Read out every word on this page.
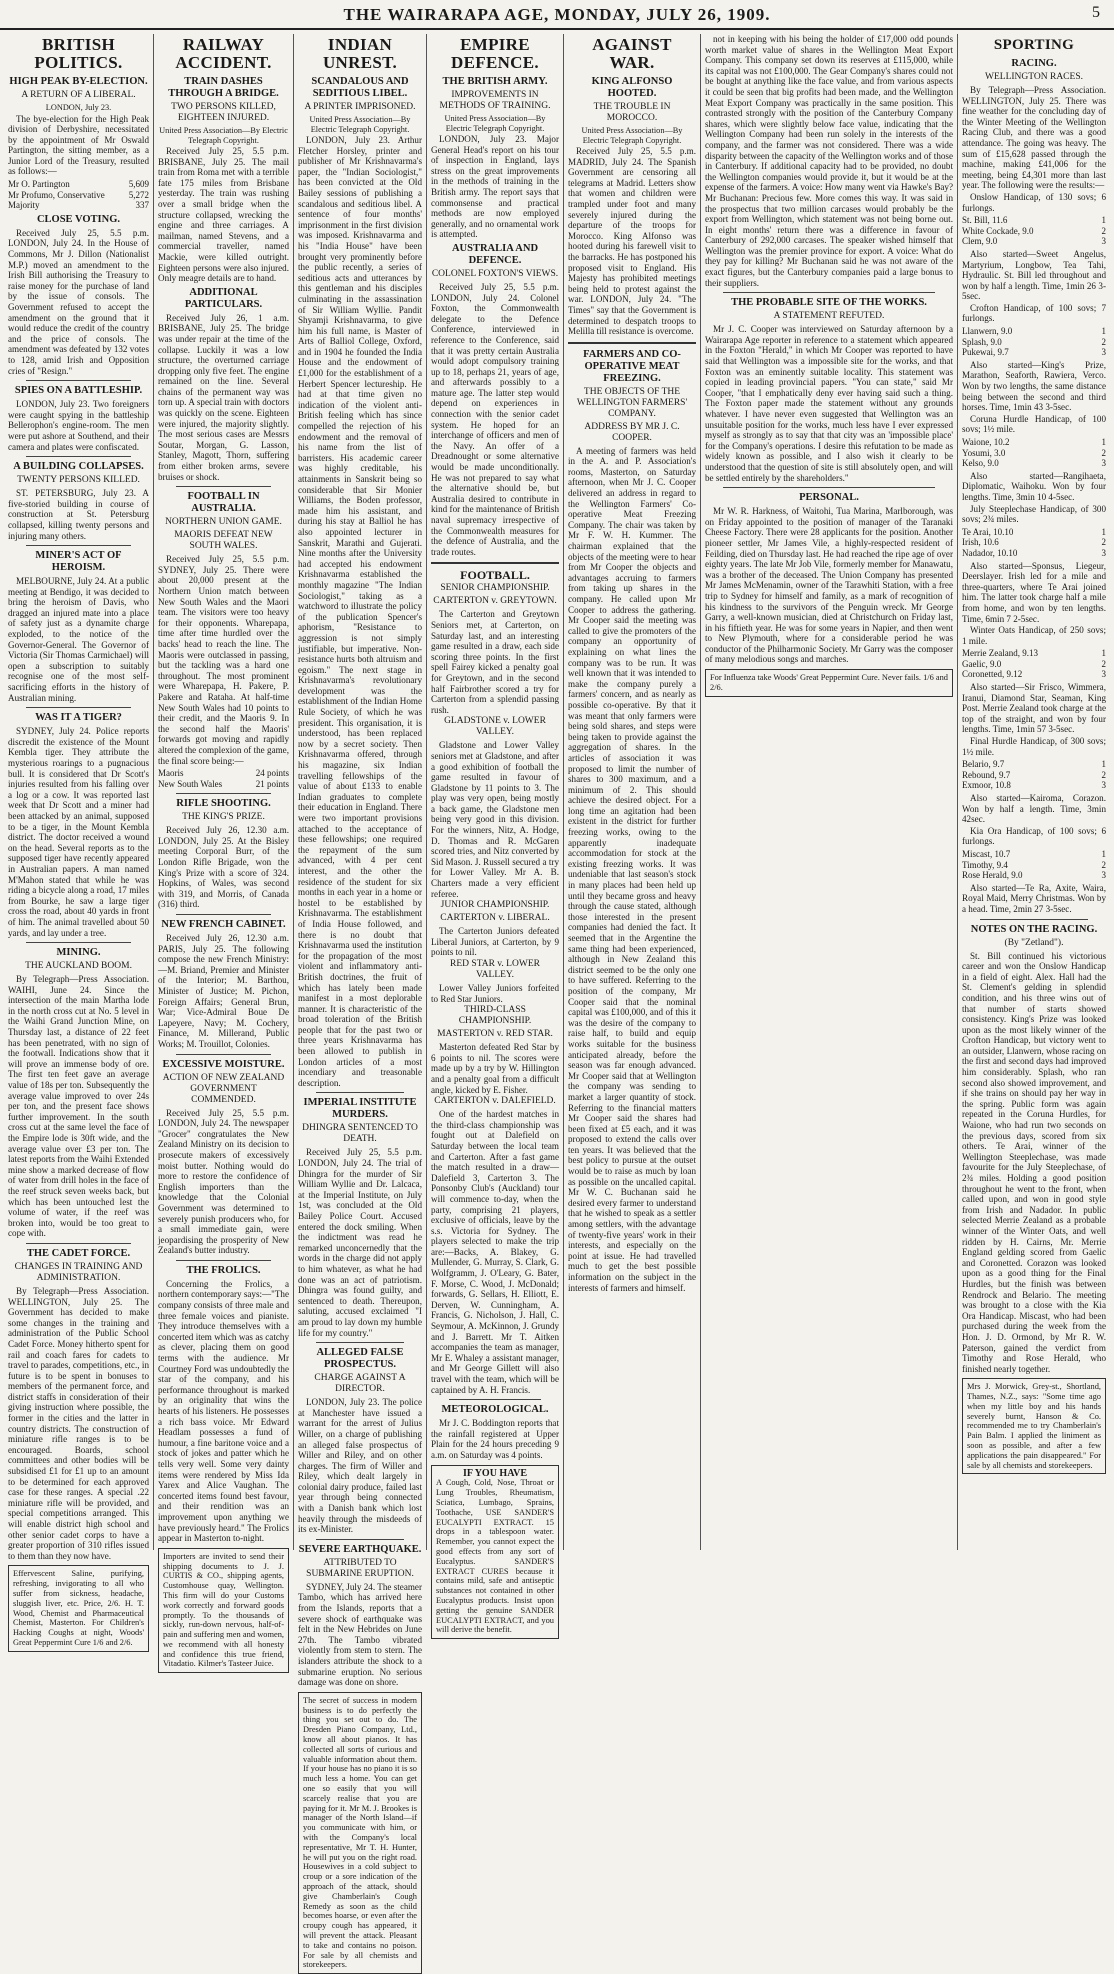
THE WAIRARAPA AGE, MONDAY, JULY 26, 1909.	5
BRITISH POLITICS.
HIGH PEAK BY-ELECTION.
A RETURN OF A LIBERAL.
LONDON, July 23.

The bye-election for the High Peak division of Derbyshire, necessitated by the appointment of Mr Oswald Partington, the sitting member, as a Junior Lord of the Treasury, resulted as follows:—

Mr O. Partington	5,609
Mr Profumo, Conservative	5,272
Majority	337
CLOSE VOTING.

Received July 25, 5.5 p.m. LONDON, July 24. In the House of Commons, Mr J. Dillon (Nationalist M.P.) moved an amendment to the Irish Bill authorising the Treasury to raise money for the purchase of land by the issue of consols. The Government refused to accept the amendment on the ground that it would reduce the credit of the country and the price of consols. The amendment was defeated by 132 votes to 128, amid Irish and Opposition cries of "Resign."

SPIES ON A BATTLESHIP.

LONDON, July 23. Two foreigners were caught spying in the battleship Bellerophon's engine-room. The men were put ashore at Southend, and their camera and plates were confiscated.

A BUILDING COLLAPSES.
TWENTY PERSONS KILLED.

ST. PETERSBURG, July 23. A five-storied building in course of construction at St. Petersburg collapsed, killing twenty persons and injuring many others.

MINER'S ACT OF HEROISM.

MELBOURNE, July 24. At a public meeting at Bendigo, it was decided to bring the heroism of Davis, who dragged an injured mate into a place of safety just as a dynamite charge exploded, to the notice of the Governor-General. The Governor of Victoria (Sir Thomas Carmichael) will open a subscription to suitably recognise one of the most self-sacrificing efforts in the history of Australian mining.

WAS IT A TIGER?

SYDNEY, July 24. Police reports discredit the existence of the Mount Kembla tiger. They attribute the mysterious roarings to a pugnacious bull. It is considered that Dr Scott's injuries resulted from his falling over a log or a cow. It was reported last week that Dr Scott and a miner had been attacked by an animal, supposed to be a tiger, in the Mount Kembla district. The doctor received a wound on the head. Several reports as to the supposed tiger have recently appeared in Australian papers. A man named M'Mahon stated that while he was riding a bicycle along a road, 17 miles from Bourke, he saw a large tiger cross the road, about 40 yards in front of him. The animal travelled about 50 yards, and lay under a tree.

MINING.
THE AUCKLAND BOOM.

By Telegraph—Press Association. WAIHI, June 24. Since the intersection of the main Martha lode in the north cross cut at No. 5 level in the Waihi Grand Junction Mine, on Thursday last, a distance of 22 feet has been penetrated, with no sign of the footwall. Indications show that it will prove an immense body of ore. The first ten feet gave an average value of 18s per ton. Subsequently the average value improved to over 24s per ton, and the present face shows further improvement. In the south cross cut at the same level the face of the Empire lode is 30ft wide, and the average value over £3 per ton. The latest reports from the Waihi Extended mine show a marked decrease of flow of water from drill holes in the face of the reef struck seven weeks back, but which has been untouched lest the volume of water, if the reef was broken into, would be too great to cope with.

THE CADET FORCE.
CHANGES IN TRAINING AND ADMINISTRATION.

By Telegraph—Press Association. WELLINGTON, July 25. The Government has decided to make some changes in the training and administration of the Public School Cadet Force. Money hitherto spent for rail and coach fares for cadets to travel to parades, competitions, etc., in future is to be spent in bonuses to members of the permanent force, and district staffs in consideration of their giving instruction where possible, the former in the cities and the latter in country districts. The construction of miniature rifle ranges is to be encouraged. Boards, school committees and other bodies will be subsidised £1 for £1 up to an amount to be determined for each approved case for these ranges. A special .22 miniature rifle will be provided, and special competitions arranged. This will enable district high school and other senior cadet corps to have a greater proportion of 310 rifles issued to them than they now have.

Effervescent Saline, purifying, refreshing, invigorating to all who suffer from sickness, headache, sluggish liver, etc. Price, 2/6. H. T. Wood, Chemist and Pharmaceutical Chemist, Masterton. For Children's Hacking Coughs at night, Woods' Great Peppermint Cure 1/6 and 2/6.
RAILWAY ACCIDENT.
TRAIN DASHES THROUGH A BRIDGE.
TWO PERSONS KILLED, EIGHTEEN INJURED.
United Press Association—By Electric Telegraph Copyright.

Received July 25, 5.5 p.m. BRISBANE, July 25. The mail train from Roma met with a terrible fate 175 miles from Brisbane yesterday. The train was rushing over a small bridge when the structure collapsed, wrecking the engine and three carriages. A mailman, named Stevens, and a commercial traveller, named Mackie, were killed outright. Eighteen persons were also injured. Only meagre details are to hand.

ADDITIONAL PARTICULARS.

Received July 26, 1 a.m. BRISBANE, July 25. The bridge was under repair at the time of the collapse. Luckily it was a low structure, the overturned carriage dropping only five feet. The engine remained on the line. Several chains of the permanent way was torn up. A special train with doctors was quickly on the scene. Eighteen were injured, the majority slightly. The most serious cases are Messrs Soutar, Morgan, G. Lasson, Stanley, Magott, Thorn, suffering from either broken arms, severe bruises or shock.

FOOTBALL IN AUSTRALIA.
NORTHERN UNION GAME.
MAORIS DEFEAT NEW SOUTH WALES.

Received July 25, 5.5 p.m. SYDNEY, July 25. There were about 20,000 present at the Northern Union match between New South Wales and the Maori team. The visitors were too heavy for their opponents. Wharepapa, time after time hurdled over the backs' head to reach the line. The Maoris were outclassed in passing, but the tackling was a hard one throughout. The most prominent were Wharepapa, H. Pakere, P. Pakere and Rataha. At half-time New South Wales had 10 points to their credit, and the Maoris 9. In the second half the Maoris' forwards got moving and rapidly altered the complexion of the game, the final score being:—

Maoris	24 points
New South Wales	21 points
RIFLE SHOOTING.
THE KING'S PRIZE.

Received July 26, 12.30 a.m. LONDON, July 25. At the Bisley meeting Corporal Burr, of the London Rifle Brigade, won the King's Prize with a score of 324. Hopkins, of Wales, was second with 319, and Morris, of Canada (316) third.

NEW FRENCH CABINET.

Received July 26, 12.30 a.m. PARIS, July 25. The following compose the new French Ministry:—M. Briand, Premier and Minister of the Interior; M. Barthou, Minister of Justice; M. Pichon, Foreign Affairs; General Brun, War; Vice-Admiral Boue De Lapeyere, Navy; M. Cochery, Finance, M. Millerand, Public Works; M. Trouillot, Colonies.

EXCESSIVE MOISTURE.
ACTION OF NEW ZEALAND GOVERNMENT COMMENDED.

Received July 25, 5.5 p.m. LONDON, July 24. The newspaper "Grocer" congratulates the New Zealand Ministry on its decision to prosecute makers of excessively moist butter. Nothing would do more to restore the confidence of English importers than the knowledge that the Colonial Government was determined to severely punish producers who, for a small immediate gain, were jeopardising the prosperity of New Zealand's butter industry.

THE FROLICS.

Concerning the Frolics, a northern contemporary says:—"The company consists of three male and three female voices and pianiste. They introduce themselves with a concerted item which was as catchy as clever, placing them on good terms with the audience. Mr Courtney Ford was undoubtedly the star of the company, and his performance throughout is marked by an originality that wins the hearts of his listeners. He possesses a rich bass voice. Mr Edward Headlam possesses a fund of humour, a fine baritone voice and a stock of jokes and patter which he tells very well. Some very dainty items were rendered by Miss Ida Yarex and Alice Vaughan. The concerted items found best favour, and their rendition was an improvement upon anything we have previously heard." The Frolics appear in Masterton to-night.

Importers are invited to send their shipping documents to J. J. CURTIS & CO., shipping agents, Customhouse quay, Wellington. This firm will do your Customs work correctly and forward goods promptly. To the thousands of sickly, run-down nervous, half-of-pain and suffering men and women, we recommend with all honesty and confidence this true friend, Vitadatio. Kilmer's Tasteer Juice.
INDIAN UNREST.
SCANDALOUS AND SEDITIOUS LIBEL.
A PRINTER IMPRISONED.
United Press Association—By Electric Telegraph Copyright.

LONDON, July 23. Arthur Fletcher Horsley, printer and publisher of Mr Krishnavarma's paper, the "Indian Sociologist," has been convicted at the Old Bailey sessions of publishing a scandalous and seditious libel. A sentence of four months' imprisonment in the first division was imposed. Krishnavarma and his "India House" have been brought very prominently before the public recently, a series of seditious acts and utterances by this gentleman and his disciples culminating in the assassination of Sir William Wyllie. Pandit Shyamji Krishnavarma, to give him his full name, is Master of Arts of Balliol College, Oxford, and in 1904 he founded the India House and the endowment of £1,000 for the establishment of a Herbert Spencer lectureship. He had at that time given no indication of the violent anti-British feeling which has since compelled the rejection of his endowment and the removal of his name from the list of barristers. His academic career was highly creditable, his attainments in Sanskrit being so considerable that Sir Monier Williams, the Boden professor, made him his assistant, and during his stay at Balliol he has also appointed lecturer in Sanskrit, Marathi and Gujerati. Nine months after the University had accepted his endowment Krishnavarma established the monthly magazine "The Indian Sociologist," taking as a watchword to illustrate the policy of the publication Spencer's aphorism, "Resistance to aggression is not simply justifiable, but imperative. Non-resistance hurts both altruism and egoism." The next stage in Krishnavarma's revolutionary development was the establishment of the Indian Home Rule Society, of which he was president. This organisation, it is understood, has been replaced now by a secret society. Then Krishnavarma offered, through his magazine, six Indian travelling fellowships of the value of about £133 to enable Indian graduates to complete their education in England. There were two important provisions attached to the acceptance of these fellowships; one required the repayment of the sum advanced, with 4 per cent interest, and the other the residence of the student for six months in each year in a home or hostel to be established by Krishnavarma. The establishment of India House followed, and there is no doubt that Krishnavarma used the institution for the propagation of the most violent and inflammatory anti-British doctrines, the fruit of which has lately been made manifest in a most deplorable manner. It is characteristic of the broad toleration of the British people that for the past two or three years Krishnavarma has been allowed to publish in London articles of a most incendiary and treasonable description.

IMPERIAL INSTITUTE MURDERS.
DHINGRA SENTENCED TO DEATH.

Received July 25, 5.5 p.m. LONDON, July 24. The trial of Dhingra for the murder of Sir William Wyllie and Dr. Lalcaca, at the Imperial Institute, on July 1st, was concluded at the Old Bailey Police Court. Accused entered the dock smiling. When the indictment was read he remarked unconcernedly that the words in the charge did not apply to him whatever, as what he had done was an act of patriotism. Dhingra was found guilty, and sentenced to death. Thereupon, saluting, accused exclaimed "I am proud to lay down my humble life for my country."

ALLEGED FALSE PROSPECTUS.
CHARGE AGAINST A DIRECTOR.

LONDON, July 23. The police at Manchester have issued a warrant for the arrest of Julius Willer, on a charge of publishing an alleged false prospectus of Willer and Riley, and on other charges. The firm of Willer and Riley, which dealt largely in colonial dairy produce, failed last year through being connected with a Danish bank which lost heavily through the misdeeds of its ex-Minister.

SEVERE EARTHQUAKE.
ATTRIBUTED TO SUBMARINE ERUPTION.

SYDNEY, July 24. The steamer Tambo, which has arrived here from the Islands, reports that a severe shock of earthquake was felt in the New Hebrides on June 27th. The Tambo vibrated violently from stem to stern. The islanders attribute the shock to a submarine eruption. No serious damage was done on shore.

The secret of success in modern business is to do perfectly the thing you set out to do. The Dresden Piano Company, Ltd., know all about pianos. It has collected all sorts of curious and valuable information about them. If your house has no piano it is so much less a home. You can get one so easily that you will scarcely realise that you are paying for it. Mr M. J. Brookes is manager of the North Island—if you communicate with him, or with the Company's local representative, Mr T. H. Hunter, he will put you on the right road. Housewives in a cold subject to croup or a sore indication of the approach of the attack, should give Chamberlain's Cough Remedy as soon as the child becomes hoarse, or even after the croupy cough has appeared, it will prevent the attack. Pleasant to take and contains no poison. For sale by all chemists and storekeepers.
EMPIRE DEFENCE.
THE BRITISH ARMY.
IMPROVEMENTS IN METHODS OF TRAINING.
United Press Association—By Electric Telegraph Copyright.

LONDON, July 23. Major General Head's report on his tour of inspection in England, lays stress on the great improvements in the methods of training in the British army. The report says that commonsense and practical methods are now employed generally, and no ornamental work is attempted.

AUSTRALIA AND DEFENCE.
COLONEL FOXTON'S VIEWS.

Received July 25, 5.5 p.m. LONDON, July 24. Colonel Foxton, the Commonwealth delegate to the Defence Conference, interviewed in reference to the Conference, said that it was pretty certain Australia would adopt compulsory training up to 18, perhaps 21, years of age, and afterwards possibly to a mature age. The latter step would depend on experiences in connection with the senior cadet system. He hoped for an interchange of officers and men of the Navy. An offer of a Dreadnought or some alternative would be made unconditionally. He was not prepared to say what the alternative should be, but Australia desired to contribute in kind for the maintenance of British naval supremacy irrespective of the Commonwealth measures for the defence of Australia, and the trade routes.

FOOTBALL.
SENIOR CHAMPIONSHIP.
CARTERTON v. GREYTOWN.

The Carterton and Greytown Seniors met, at Carterton, on Saturday last, and an interesting game resulted in a draw, each side scoring three points. In the first spell Fairey kicked a penalty goal for Greytown, and in the second half Fairbrother scored a try for Carterton from a splendid passing rush.

GLADSTONE v. LOWER VALLEY.

Gladstone and Lower Valley seniors met at Gladstone, and after a good exhibition of football the game resulted in favour of Gladstone by 11 points to 3. The play was very open, being mostly a back game, the Gladstone men being very good in this division. For the winners, Nitz, A. Hodge, D. Thomas and R. McGaren scored tries, and Nitz converted by Sid Mason. J. Russell secured a try for Lower Valley. Mr A. B. Charters made a very efficient referee.

JUNIOR CHAMPIONSHIP.
CARTERTON v. LIBERAL.

The Carterton Juniors defeated Liberal Juniors, at Carterton, by 9 points to nil.

RED STAR v. LOWER VALLEY.

Lower Valley Juniors forfeited to Red Star Juniors.

THIRD-CLASS CHAMPIONSHIP.
MASTERTON v. RED STAR.

Masterton defeated Red Star by 6 points to nil. The scores were made up by a try by W. Hillington and a penalty goal from a difficult angle, kicked by E. Fisher.

CARTERTON v. DALEFIELD.

One of the hardest matches in the third-class championship was fought out at Dalefield on Saturday between the local team and Carterton. After a fast game the match resulted in a draw—Dalefield 3, Carterton 3. The Ponsonby Club's (Auckland) tour will commence to-day, when the party, comprising 21 players, exclusive of officials, leave by the s.s. Victoria for Sydney. The players selected to make the trip are:—Backs, A. Blakey, G. Mullender, G. Murray, S. Clark, G. Wolfgramm, J. O'Leary, G. Bater, F. Morse, C. Wood, J. McDonald; forwards, G. Sellars, H. Elliott, E. Derven, W. Cunningham, A. Francis, G. Nicholson, J. Hall, C. Seymour, A. McKinnon, J. Grundy and J. Barrett. Mr T. Aitken accompanies the team as manager, Mr E. Whaley a assistant manager, and Mr George Gillett will also travel with the team, which will be captained by A. H. Francis.

METEOROLOGICAL.

Mr J. C. Boddington reports that the rainfall registered at Upper Plain for the 24 hours preceding 9 a.m. on Saturday was 4 points.

IF YOU HAVE
A Cough, Cold, Nose, Throat or Lung Troubles, Rheumatism, Sciatica, Lumbago, Sprains, Toothache, USE SANDER'S EUCALYPTI EXTRACT. 15 drops in a tablespoon water. Remember, you cannot expect the good effects from any sort of Eucalyptus. SANDER'S EXTRACT CURES because it contains mild, safe and antiseptic substances not contained in other Eucalyptus products. Insist upon getting the genuine SANDER EUCALYPTI EXTRACT, and you will derive the benefit.
AGAINST WAR.
KING ALFONSO HOOTED.
THE TROUBLE IN MOROCCO.
United Press Association—By Electric Telegraph Copyright.

Received July 25, 5.5 p.m. MADRID, July 24. The Spanish Government are censoring all telegrams at Madrid. Letters show that women and children were trampled under foot and many severely injured during the departure of the troops for Morocco. King Alfonso was hooted during his farewell visit to the barracks. He has postponed his proposed visit to England. His Majesty has prohibited meetings being held to protest against the war. LONDON, July 24. "The Times" say that the Government is determined to despatch troops to Melilla till resistance is overcome.

FARMERS AND CO-OPERATIVE MEAT FREEZING.
THE OBJECTS OF THE WELLINGTON FARMERS' COMPANY.
ADDRESS BY MR J. C. COOPER.

A meeting of farmers was held in the A. and P. Association's rooms, Masterton, on Saturday afternoon, when Mr J. C. Cooper delivered an address in regard to the Wellington Farmers' Co-operative Meat Freezing Company. The chair was taken by Mr F. W. H. Kummer. The chairman explained that the objects of the meeting were to hear from Mr Cooper the objects and advantages accruing to farmers from taking up shares in the company. He called upon Mr Cooper to address the gathering. Mr Cooper said the meeting was called to give the promoters of the company an opportunity of explaining on what lines the company was to be run. It was well known that it was intended to make the company purely a farmers' concern, and as nearly as possible co-operative. By that it was meant that only farmers were being sold shares, and steps were being taken to provide against the aggregation of shares. In the articles of association it was proposed to limit the number of shares to 300 maximum, and a minimum of 2. This should achieve the desired object. For a long time an agitation had been existent in the district for further freezing works, owing to the apparently inadequate accommodation for stock at the existing freezing works. It was undeniable that last season's stock in many places had been held up until they became gross and heavy through the cause stated, although those interested in the present companies had denied the fact. It seemed that in the Argentine the same thing had been experienced, although in New Zealand this district seemed to be the only one to have suffered. Referring to the position of the company, Mr Cooper said that the nominal capital was £100,000, and of this it was the desire of the company to raise half, to build and equip works suitable for the business anticipated already, before the season was far enough advanced. Mr Cooper said that at Wellington the company was sending to market a larger quantity of stock. Referring to the financial matters Mr Cooper said the shares had been fixed at £5 each, and it was proposed to extend the calls over ten years. It was believed that the best policy to pursue at the outset would be to raise as much by loan as possible on the uncalled capital. Mr W. C. Buchanan said he desired every farmer to understand that he wished to speak as a settler among settlers, with the advantage of twenty-five years' work in their interests, and especially on the point at issue. He had travelled much to get the best possible information on the subject in the interests of farmers and himself.

not in keeping with his being the holder of £17,000 odd pounds worth market value of shares in the Wellington Meat Export Company. This company set down its reserves at £115,000, while its capital was not £100,000. The Gear Company's shares could not be bought at anything like the face value, and from various aspects it could be seen that big profits had been made, and the Wellington Meat Export Company was practically in the same position. This contrasted strongly with the position of the Canterbury Company shares, which were slightly below face value, indicating that the Wellington Company had been run solely in the interests of the company, and the farmer was not considered. There was a wide disparity between the capacity of the Wellington works and of those in Canterbury. If additional capacity had to be provided, no doubt the Wellington companies would provide it, but it would be at the expense of the farmers. A voice: How many went via Hawke's Bay? Mr Buchanan: Precious few. More comes this way. It was said in the prospectus that two million carcases would probably be the export from Wellington, which statement was not being borne out. In eight months' return there was a difference in favour of Canterbury of 292,000 carcases. The speaker wished himself that Wellington was the premier province for export. A voice: What do they pay for killing? Mr Buchanan said he was not aware of the exact figures, but the Canterbury companies paid a large bonus to their suppliers.

THE PROBABLE SITE OF THE WORKS.
A STATEMENT REFUTED.

Mr J. C. Cooper was interviewed on Saturday afternoon by a Wairarapa Age reporter in reference to a statement which appeared in the Foxton "Herald," in which Mr Cooper was reported to have said that Wellington was a impossible site for the works, and that Foxton was an eminently suitable locality. This statement was copied in leading provincial papers. "You can state," said Mr Cooper, "that I emphatically deny ever having said such a thing. The Foxton paper made the statement without any grounds whatever. I have never even suggested that Wellington was an unsuitable position for the works, much less have I ever expressed myself as strongly as to say that that city was an 'impossible place' for the Company's operations. I desire this refutation to be made as widely known as possible, and I also wish it clearly to be understood that the question of site is still absolutely open, and will be settled entirely by the shareholders."

PERSONAL.

Mr W. R. Harkness, of Waitohi, Tua Marina, Marlborough, was on Friday appointed to the position of manager of the Taranaki Cheese Factory. There were 28 applicants for the position. Another pioneer settler, Mr James Vile, a highly-respected resident of Feilding, died on Thursday last. He had reached the ripe age of over eighty years. The late Mr Job Vile, formerly member for Manawatu, was a brother of the deceased. The Union Company has presented Mr James McMenamin, owner of the Tarawhiti Station, with a free trip to Sydney for himself and family, as a mark of recognition of his kindness to the survivors of the Penguin wreck. Mr George Garry, a well-known musician, died at Christchurch on Friday last, in his fiftieth year. He was for some years in Napier, and then went to New Plymouth, where for a considerable period he was conductor of the Philharmonic Society. Mr Garry was the composer of many melodious songs and marches.

For Influenza take Woods' Great Peppermint Cure. Never fails. 1/6 and 2/6.
SPORTING
RACING.
WELLINGTON RACES.

By Telegraph—Press Association. WELLINGTON, July 25. There was fine weather for the concluding day of the Winter Meeting of the Wellington Racing Club, and there was a good attendance. The going was heavy. The sum of £15,628 passed through the machine, making £41,006 for the meeting, being £4,301 more than last year. The following were the results:—

Onslow Handicap, of 130 sovs; 6 furlongs.

St. Bill, 11.6	1
White Cockade, 9.0	2
Clem, 9.0	3

Also started—Sweet Angelus, Martyrium, Longbow, Tea Tahi, Hydraulic. St. Bill led throughout and won by half a length. Time, 1min 26 3-5sec.

Crofton Handicap, of 100 sovs; 7 furlongs.

Llanwern, 9.0	1
Splash, 9.0	2
Pukewai, 9.7	3

Also started—King's Prize, Marathon, Seaforth, Rawiera, Verco. Won by two lengths, the same distance being between the second and third horses. Time, 1min 43 3-5sec.

Coruna Hurdle Handicap, of 100 sovs; 1½ mile.

Waione, 10.2	1
Yosumi, 3.0	2
Kelso, 9.0	3

Also started—Rangihaeta, Diplomatic, Waihoku. Won by four lengths. Time, 3min 10 4-5sec.

July Steeplechase Handicap, of 300 sovs; 2¾ miles.

Te Arai, 10.10	1
Irish, 10.6	2
Nadador, 10.10	3

Also started—Sponsus, Liegeur, Deerslayer. Irish led for a mile and three-quarters, where Te Arai joined him. The latter took charge half a mile from home, and won by ten lengths. Time, 6min 7 2-5sec.

Winter Oats Handicap, of 250 sovs; 1 mile.

Merrie Zealand, 9.13	1
Gaelic, 9.0	2
Coronetted, 9.12	3

Also started—Sir Frisco, Wimmera, Iranui, Diamond Star, Seaman, King Post. Merrie Zealand took charge at the top of the straight, and won by four lengths. Time, 1min 57 3-5sec.

Final Hurdle Handicap, of 300 sovs; 1½ mile.

Belario, 9.7	1
Rebound, 9.7	2
Exmoor, 10.8	3

Also started—Kairoma, Corazon. Won by half a length. Time, 3min 42sec.

Kia Ora Handicap, of 100 sovs; 6 furlongs.

Miscast, 10.7	1
Timothy, 9.4	2
Rose Herald, 9.0	3

Also started—Te Ra, Axite, Waira, Royal Maid, Merry Christmas. Won by a head. Time, 2min 27 3-5sec.

NOTES ON THE RACING.
(By "Zetland").

St. Bill continued his victorious career and won the Onslow Handicap in a field of eight. Alex. Hall had the St. Clement's gelding in splendid condition, and his three wins out of that number of starts showed consistency. King's Prize was looked upon as the most likely winner of the Crofton Handicap, but victory went to an outsider, Llanwern, whose racing on the first and second days had improved him considerably. Splash, who ran second also showed improvement, and if she trains on should pay her way in the spring. Public form was again repeated in the Coruna Hurdles, for Waione, who had run two seconds on the previous days, scored from six others. Te Arai, winner of the Wellington Steeplechase, was made favourite for the July Steeplechase, of 2¾ miles. Holding a good position throughout he went to the front, when called upon, and won in good style from Irish and Nadador. In public selected Merrie Zealand as a probable winner of the Winter Oats, and well ridden by H. Cairns, Mr. Merrie England gelding scored from Gaelic and Coronetted. Corazon was looked upon as a good thing for the Final Hurdles, but the finish was between Rendrock and Belario. The meeting was brought to a close with the Kia Ora Handicap. Miscast, who had been purchased during the week from the Hon. J. D. Ormond, by Mr R. W. Paterson, gained the verdict from Timothy and Rose Herald, who finished nearly together.

Mrs J. Morwick, Grey-st., Shortland, Thames, N.Z., says: "Some time ago when my little boy and his hands severely burnt, Hanson & Co. recommended me to try Chamberlain's Pain Balm. I applied the liniment as soon as possible, and after a few applications the pain disappeared." For sale by all chemists and storekeepers.
